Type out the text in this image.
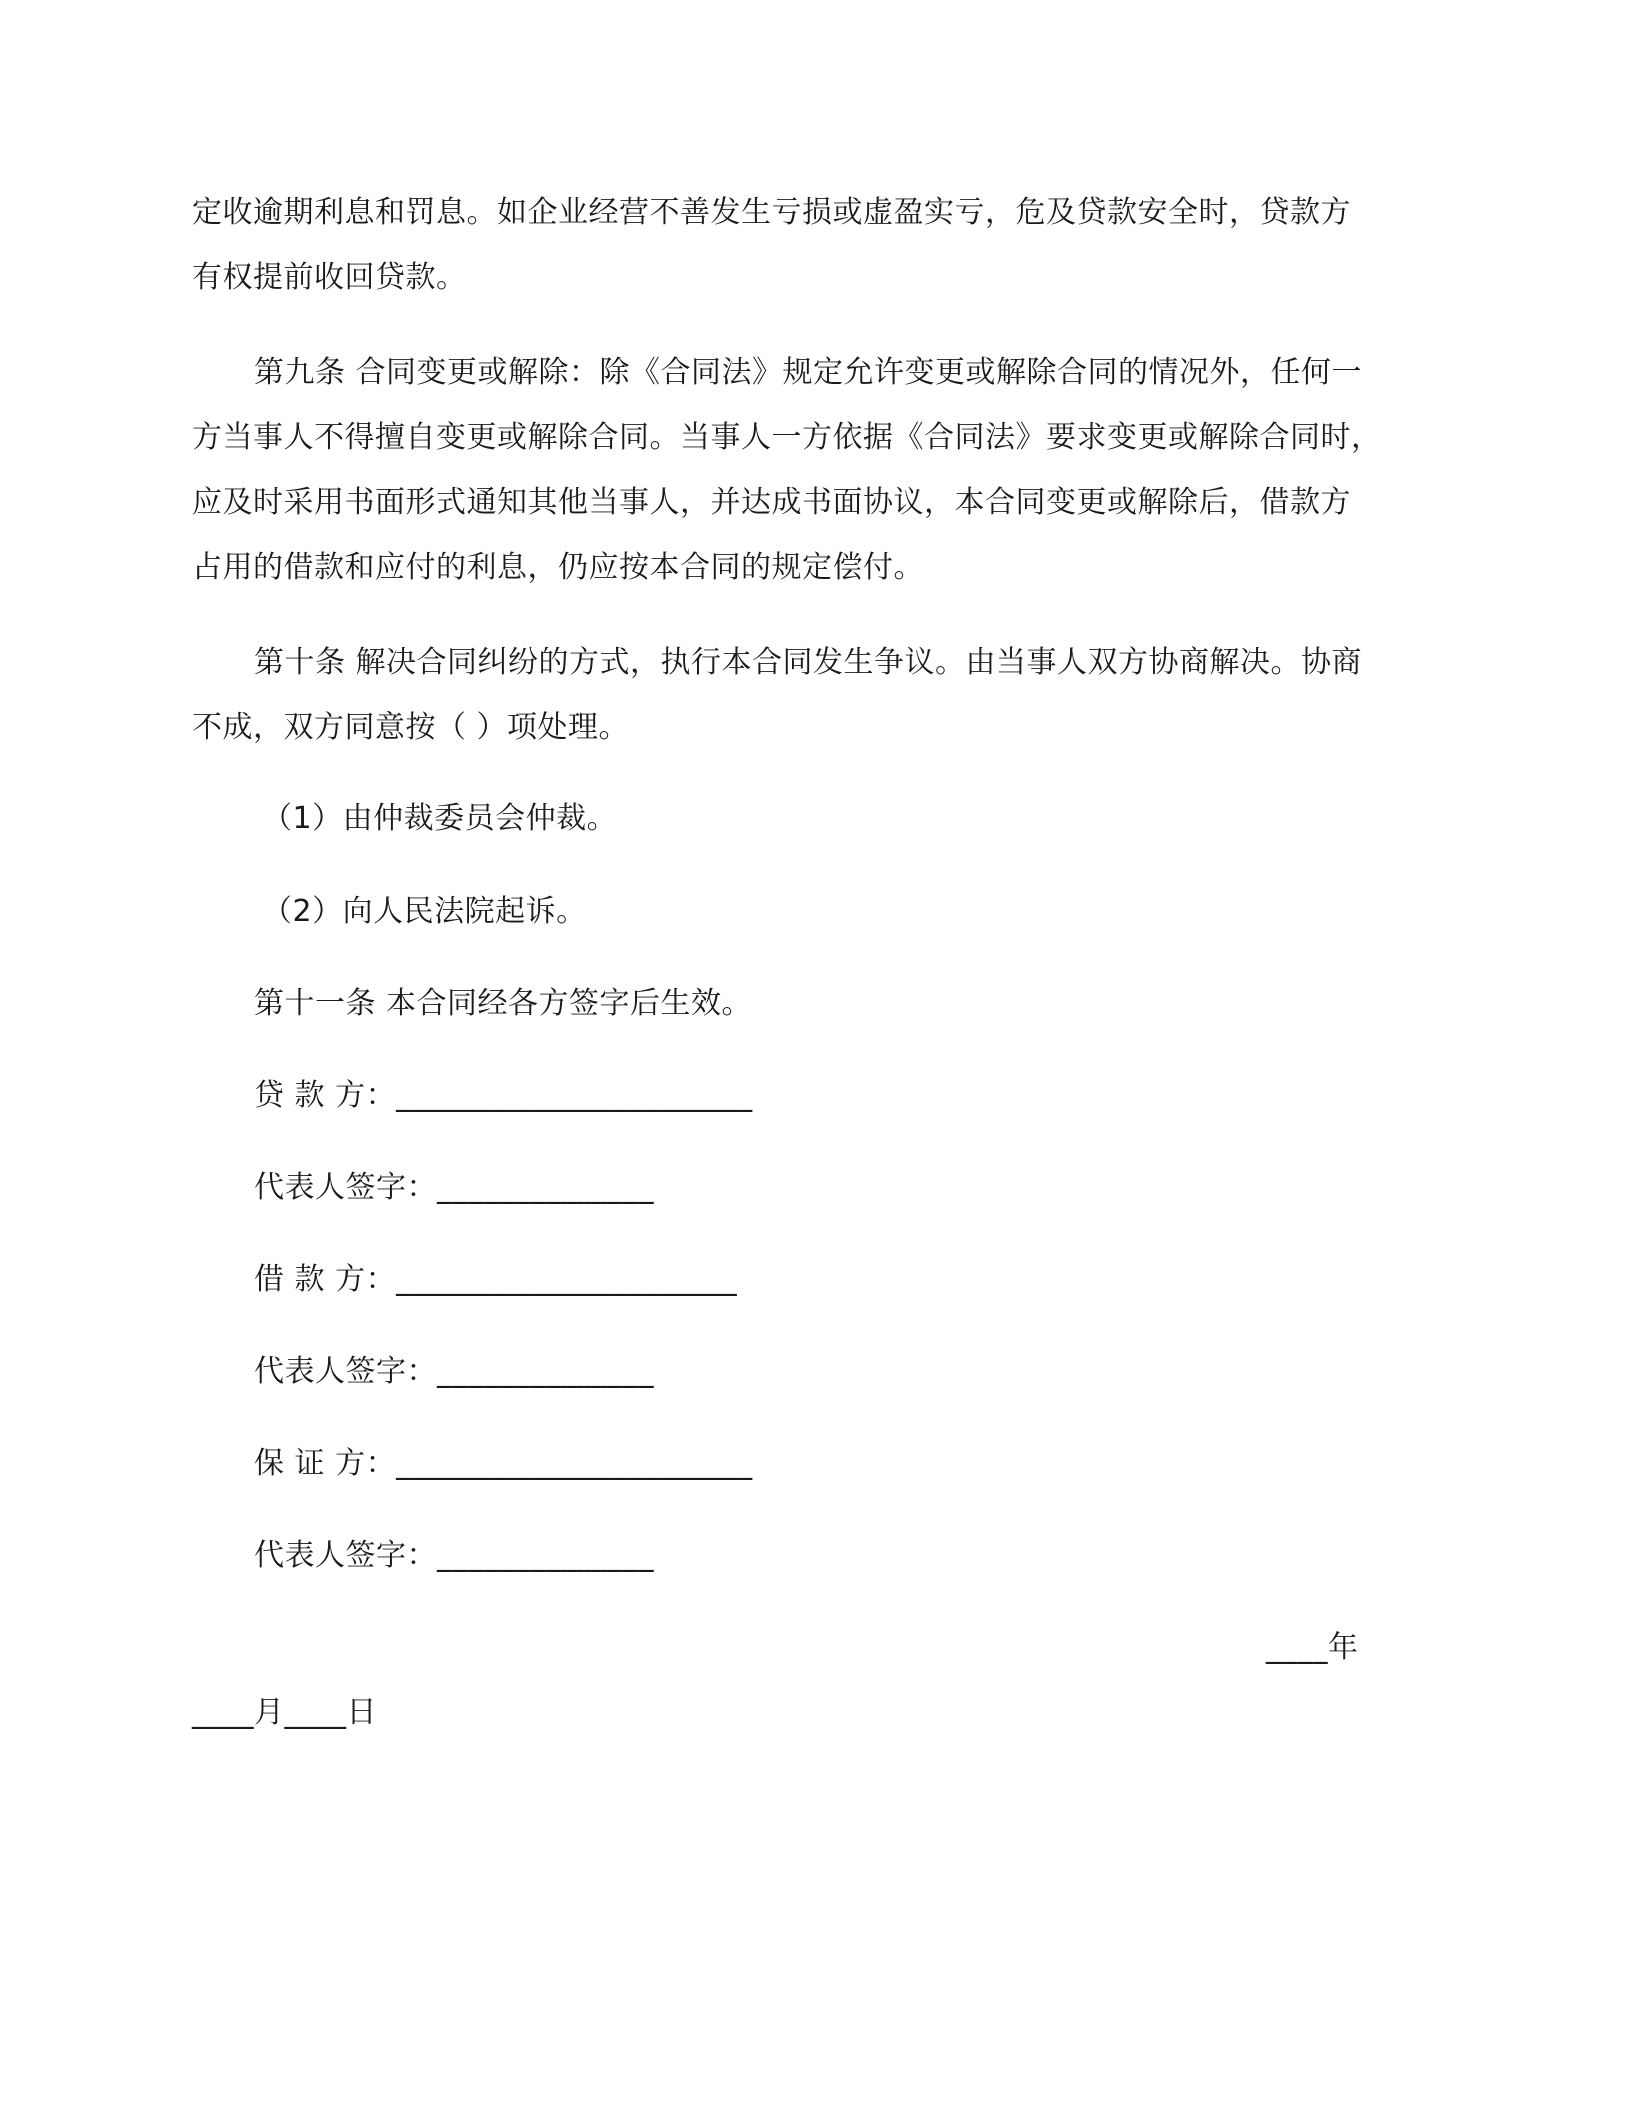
定收逾期利息和罚息。如企业经营不善发生亏损或虚盈实亏，危及贷款安全时，贷款方
有权提前收回贷款。
第九条 合同变更或解除：除《合同法》规定允许变更或解除合同的情况外，任何一
方当事人不得擅自变更或解除合同。当事人一方依据《合同法》要求变更或解除合同时，
应及时采用书面形式通知其他当事人，并达成书面协议，本合同变更或解除后，借款方
占用的借款和应付的利息，仍应按本合同的规定偿付。
第十条 解决合同纠纷的方式，执行本合同发生争议。由当事人双方协商解决。协商
不成，双方同意按（ ）项处理。
（1）由仲裁委员会仲裁。
（2）向人民法院起诉。
第十一条 本合同经各方签字后生效。
贷 款 方：_______________________
代表人签字：______________
借 款 方：______________________
代表人签字：______________
保 证 方：_______________________
代表人签字：______________
____年
____月____日
